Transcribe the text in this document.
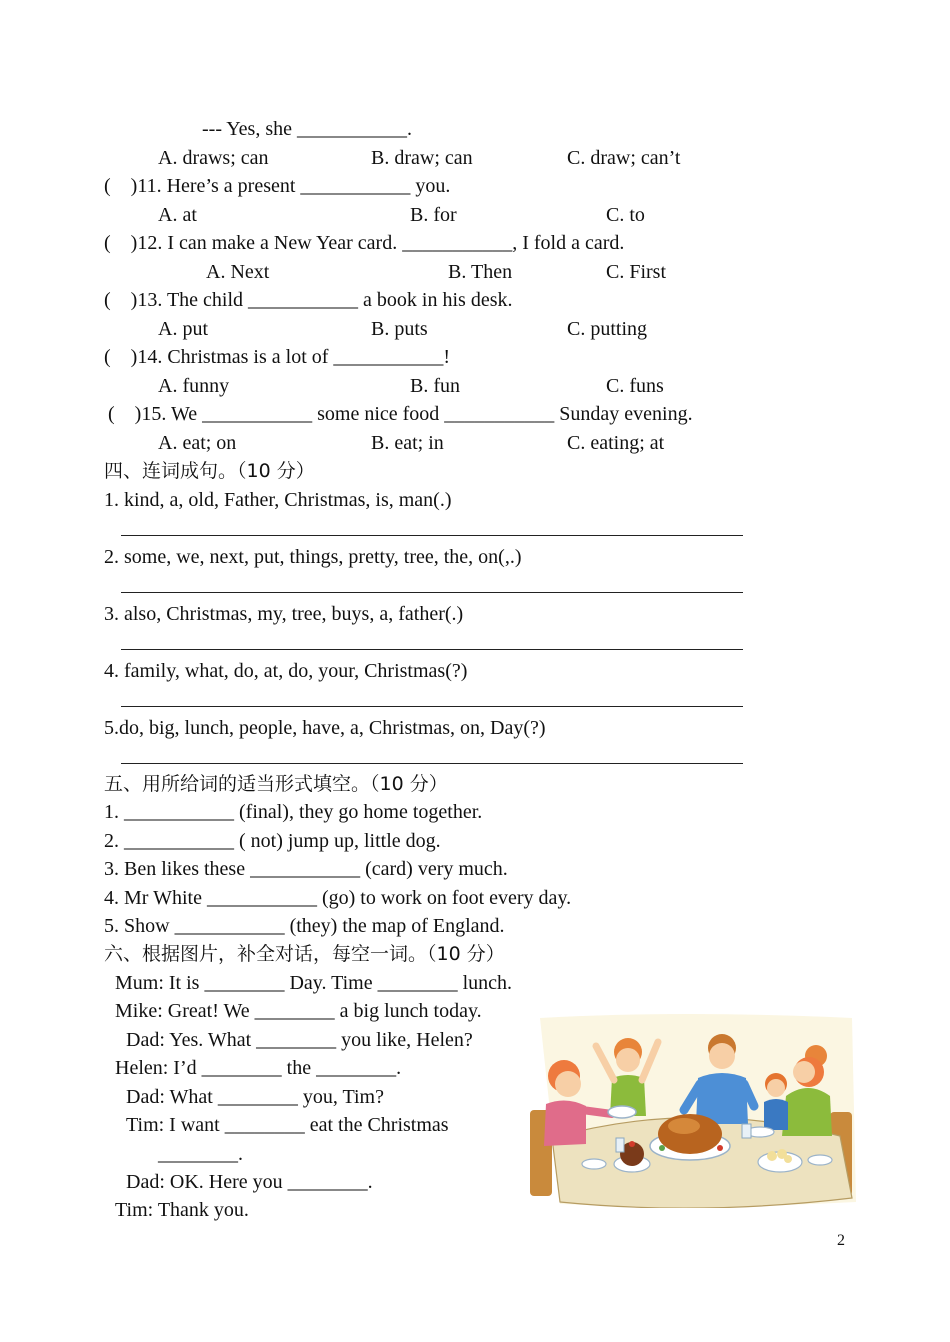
--- Yes, she ___________.
A. draws; can	B. draw; can	C. draw; can’t
(    )11. Here’s a present ___________ you.
A. at	B. for	C. to
(    )12. I can make a New Year card. ___________, I fold a card.
A. Next	B. Then	C. First
(    )13. The child ___________ a book in his desk.
A. put	B. puts	C. putting
(    )14. Christmas is a lot of ___________!
A. funny	B. fun	C. funs
(    )15. We ___________ some nice food ___________ Sunday evening.
A. eat; on	B. eat; in	C. eating; at
四、连词成句。（10 分）
1. kind, a, old, Father, Christmas, is, man(.)
2. some, we, next, put, things, pretty, tree, the, on(,.)
3. also, Christmas, my, tree, buys, a, father(.)
4. family, what, do, at, do, your, Christmas(?)
5.do, big, lunch, people, have, a, Christmas, on, Day(?)
五、用所给词的适当形式填空。（10 分）
1. ___________ (final), they go home together.
2. ___________ ( not) jump up, little dog.
3. Ben likes these ___________ (card) very much.
4. Mr White ___________ (go) to work on foot every day.
5. Show ___________ (they) the map of England.
六、根据图片，补全对话，每空一词。（10 分）
Mum: It is ________ Day. Time ________ lunch.
Mike: Great! We ________ a big lunch today.
Dad: Yes. What ________ you like, Helen?
Helen: I’d ________ the ________.
Dad: What ________ you, Tim?
Tim: I want ________ eat the Christmas
________.
Dad: OK. Here you ________.
Tim: Thank you.
2
